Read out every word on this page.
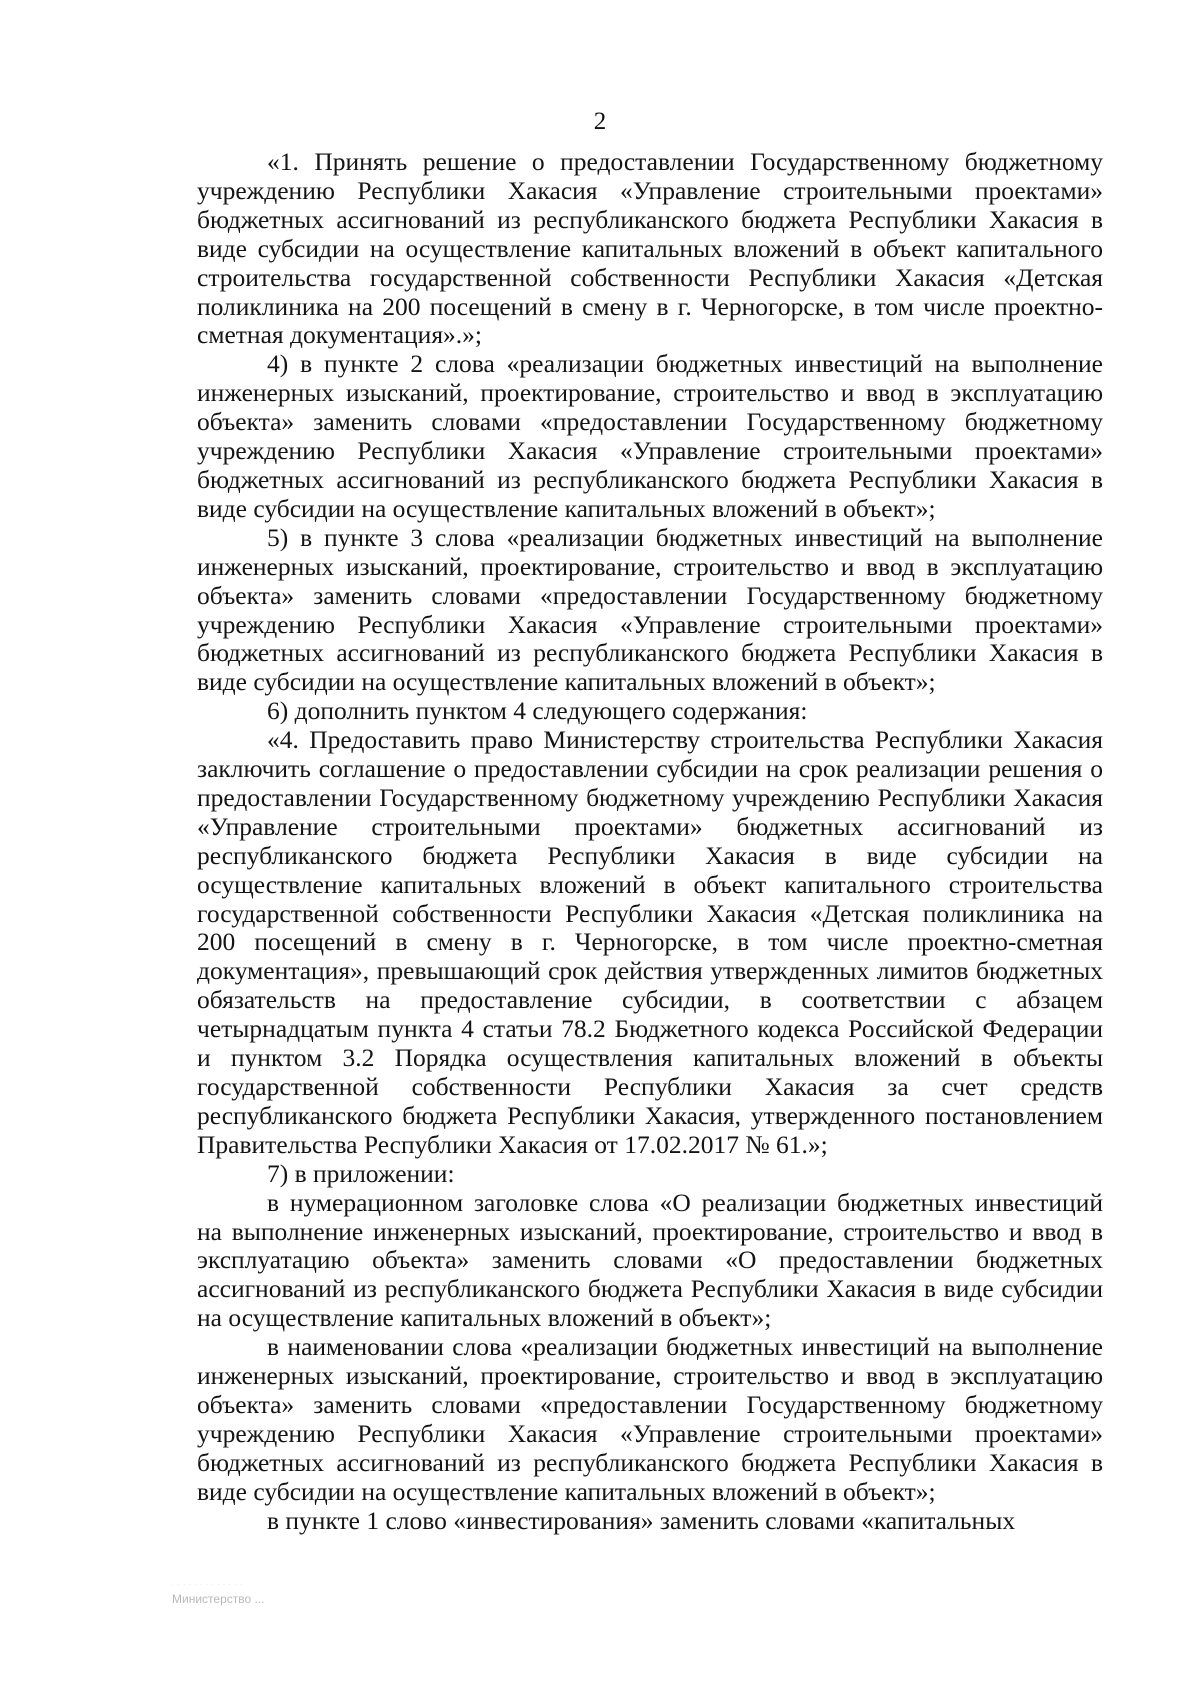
2

«1. Принять решение о предоставлении Государственному бюджетному учреждению Республики Хакасия «Управление строительными проектами» бюджетных ассигнований из республиканского бюджета Республики Хакасия в виде субсидии на осуществление капитальных вложений в объект капитального строительства государственной собственности Республики Хакасия «Детская поликлиника на 200 посещений в смену в г. Черногорске, в том числе проектно-сметная документация».»;

4) в пункте 2 слова «реализации бюджетных инвестиций на выполнение инженерных изысканий, проектирование, строительство и ввод в эксплуатацию объекта» заменить словами «предоставлении Государственному бюджетному учреждению Республики Хакасия «Управление строительными проектами» бюджетных ассигнований из республиканского бюджета Республики Хакасия в виде субсидии на осуществление капитальных вложений в объект»;

5) в пункте 3 слова «реализации бюджетных инвестиций на выполнение инженерных изысканий, проектирование, строительство и ввод в эксплуатацию объекта» заменить словами «предоставлении Государственному бюджетному учреждению Республики Хакасия «Управление строительными проектами» бюджетных ассигнований из республиканского бюджета Республики Хакасия в виде субсидии на осуществление капитальных вложений в объект»;

6) дополнить пунктом 4 следующего содержания:

«4. Предоставить право Министерству строительства Республики Хакасия заключить соглашение о предоставлении субсидии на срок реализации решения о предоставлении Государственному бюджетному учреждению Республики Хакасия «Управление строительными проектами» бюджетных ассигнований из республиканского бюджета Республики Хакасия в виде субсидии на осуществление капитальных вложений в объект капитального строительства государственной собственности Республики Хакасия «Детская поликлиника на 200 посещений в смену в г. Черногорске, в том числе проектно-сметная документация», превышающий срок действия утвержденных лимитов бюджетных обязательств на предоставление субсидии, в соответствии с абзацем четырнадцатым пункта 4 статьи 78.2 Бюджетного кодекса Российской Федерации и пунктом 3.2 Порядка осуществления капитальных вложений в объекты государственной собственности Республики Хакасия за счет средств республиканского бюджета Республики Хакасия, утвержденного постановлением Правительства Республики Хакасия от 17.02.2017 № 61.»;

7) в приложении:

в нумерационном заголовке слова «О реализации бюджетных инвестиций на выполнение инженерных изысканий, проектирование, строительство и ввод в эксплуатацию объекта» заменить словами «О предоставлении бюджетных ассигнований из республиканского бюджета Республики Хакасия в виде субсидии на осуществление капитальных вложений в объект»;

в наименовании слова «реализации бюджетных инвестиций на выполнение инженерных изысканий, проектирование, строительство и ввод в эксплуатацию объекта» заменить словами «предоставлении Государственному бюджетному учреждению Республики Хакасия «Управление строительными проектами» бюджетных ассигнований из республиканского бюджета Республики Хакасия в виде субсидии на осуществление капитальных вложений в объект»;

в пункте 1 слово «инвестирования» заменить словами «капитальных

· · · · · · · · · · · · ·
Министерство ...
